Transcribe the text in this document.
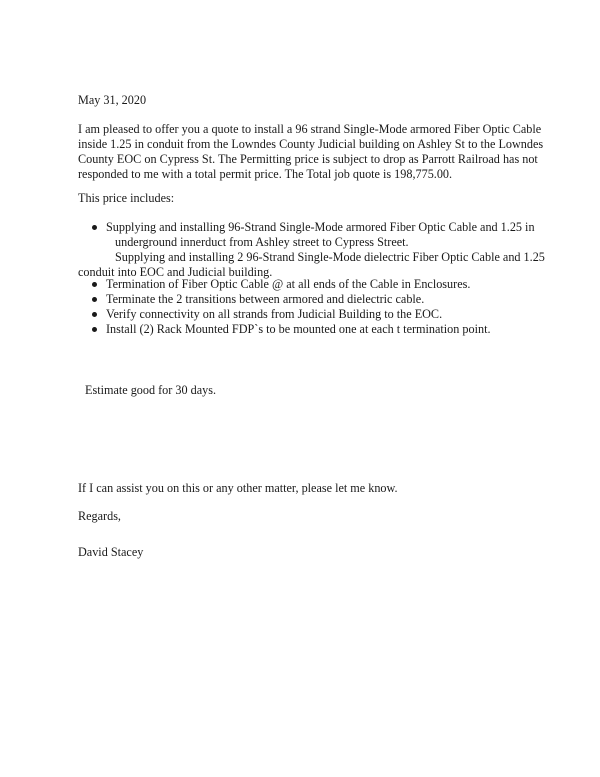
May 31, 2020

I am pleased to offer you a quote to install a 96 strand Single-Mode armored Fiber Optic Cable
inside 1.25 in conduit from the Lowndes County Judicial building on Ashley St to the Lowndes
County EOC on Cypress St. The Permitting price is subject to drop as Parrott Railroad has not
responded to me with a total permit price. The Total job quote is 198,775.00.

This price includes:

Supplying and installing 96-Strand Single-Mode armored Fiber Optic Cable and 1.25 in
underground innerduct from Ashley street to Cypress Street.
Supplying and installing 2 96-Strand Single-Mode dielectric Fiber Optic Cable and 1.25
conduit into EOC and Judicial building.
Termination of Fiber Optic Cable @ at all ends of the Cable in Enclosures.
Terminate the 2 transitions between armored and dielectric cable.
Verify connectivity on all strands from Judicial Building to the EOC.
Install (2) Rack Mounted FDP`s to be mounted one at each t termination point.

Estimate good for 30 days.

If I can assist you on this or any other matter, please let me know.

Regards,

David Stacey
